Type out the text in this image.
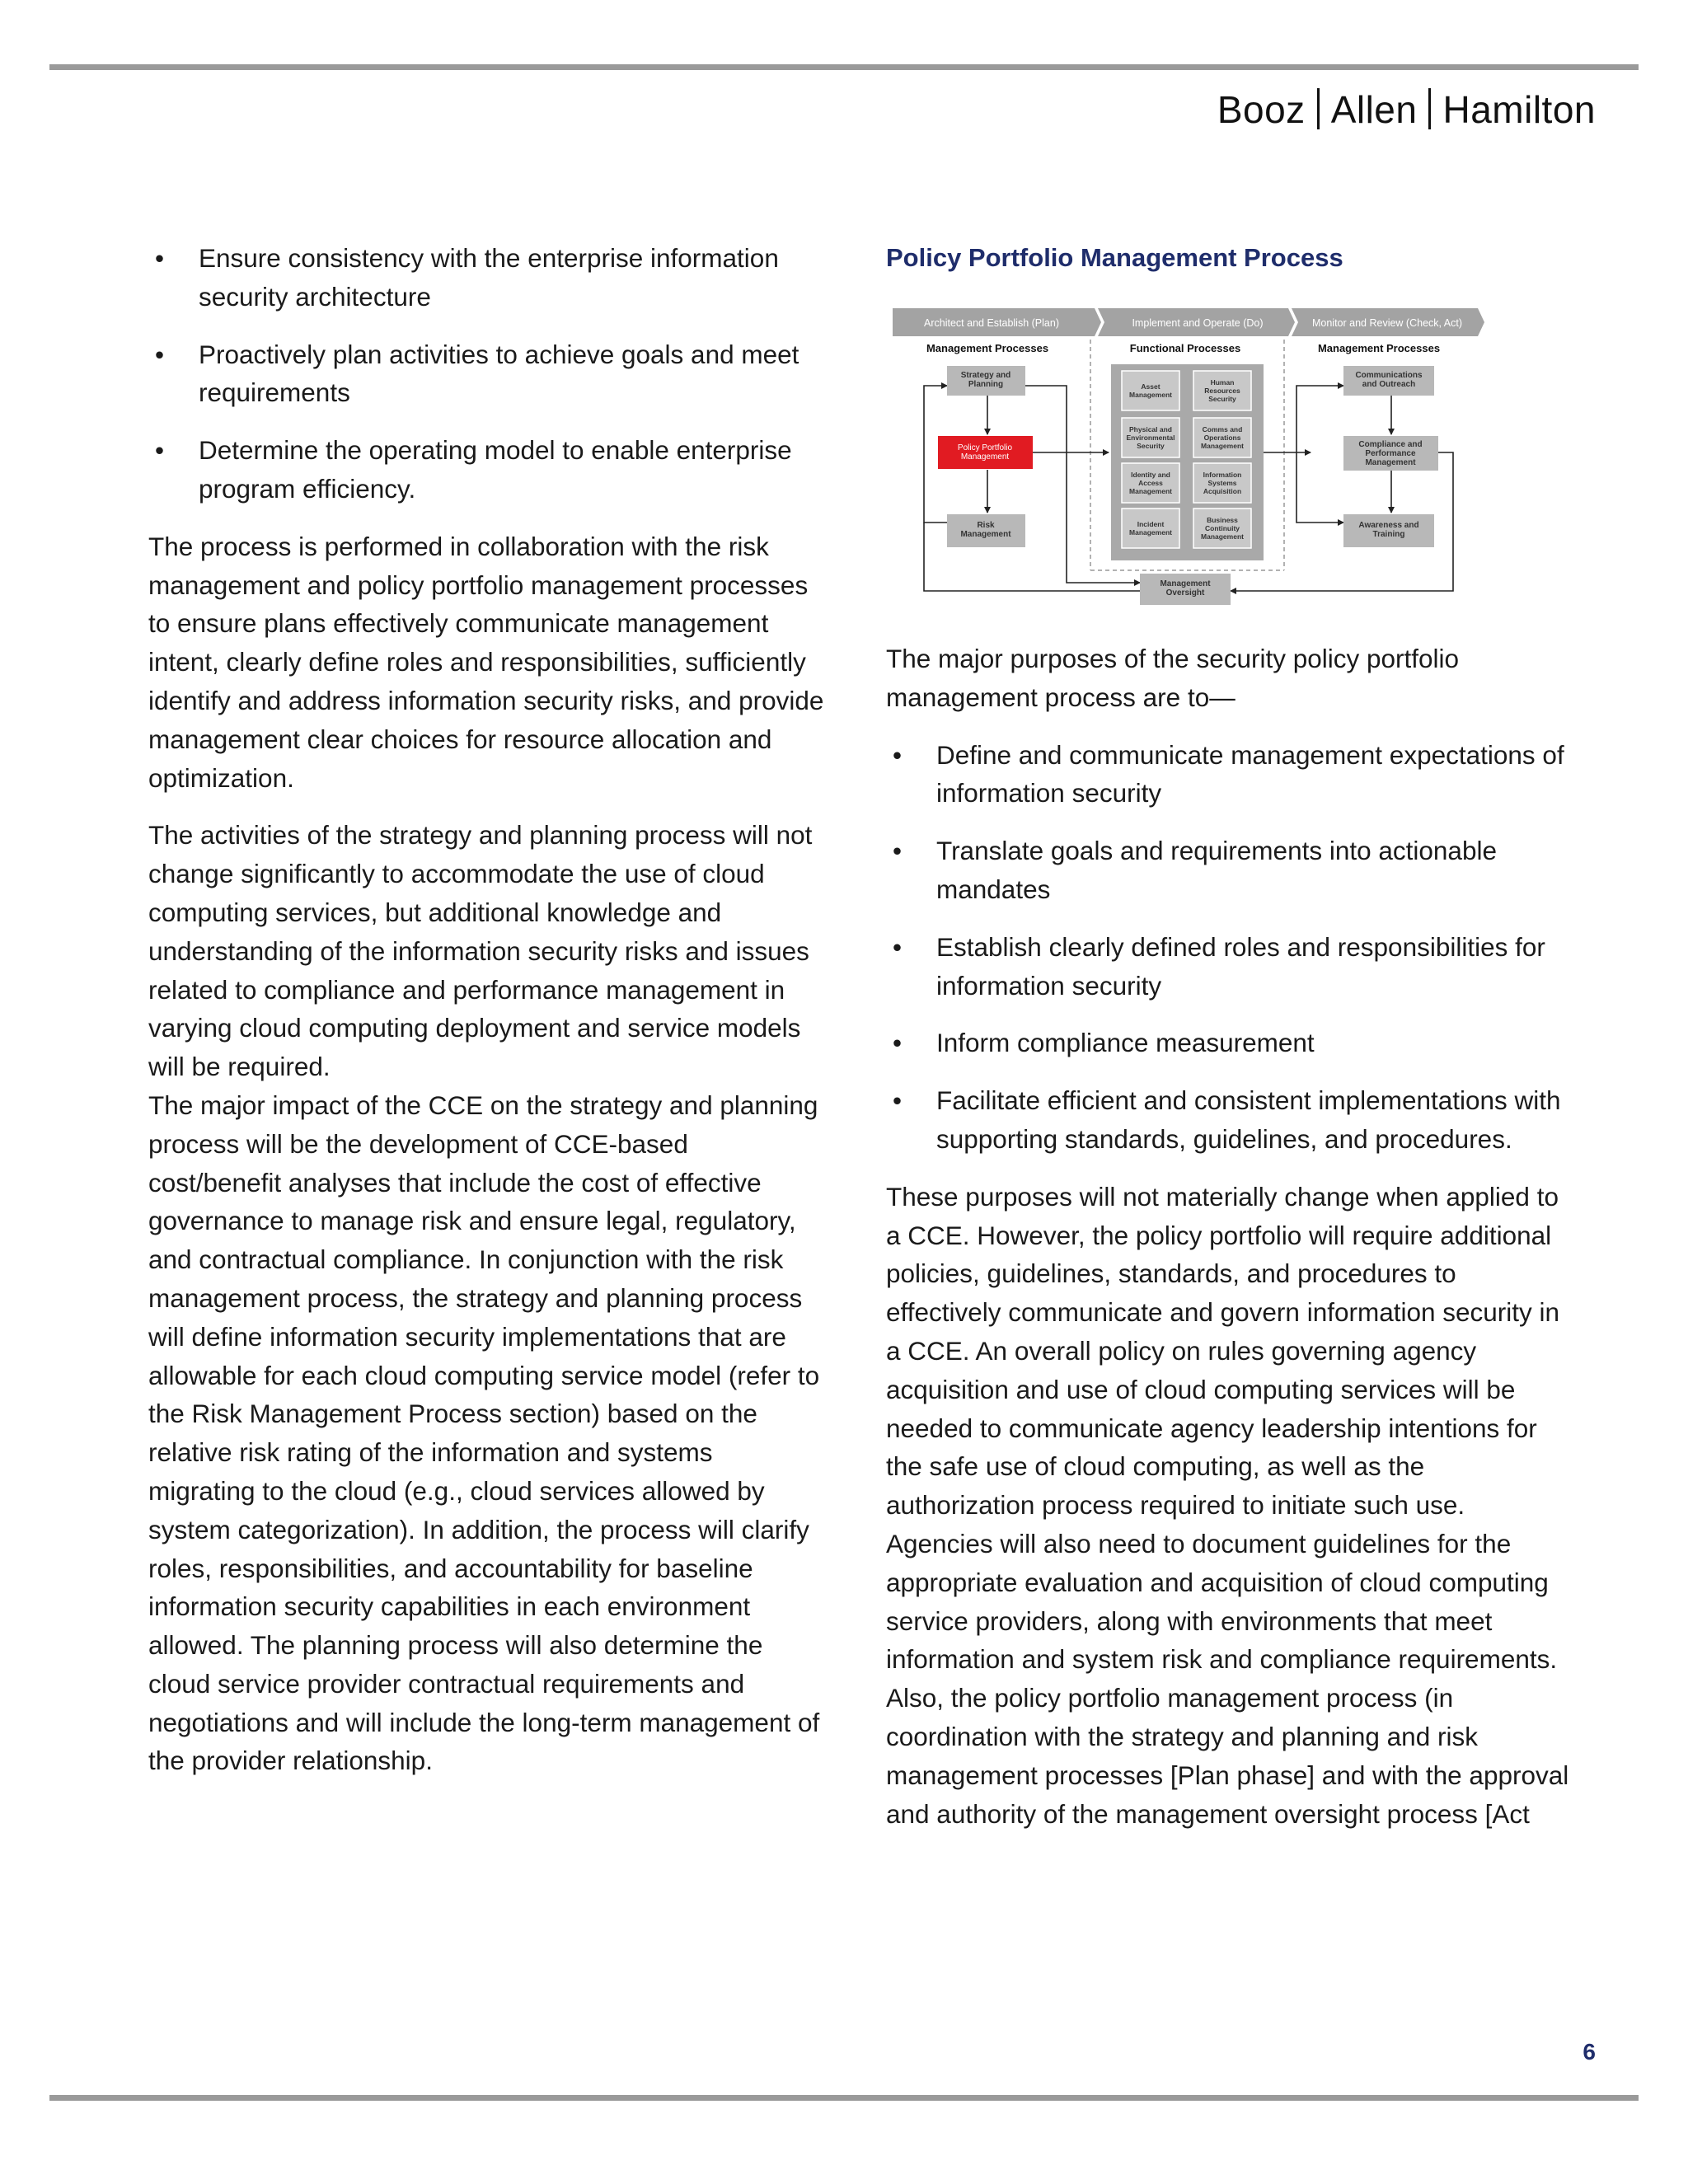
Booz Allen Hamilton
• Ensure consistency with the enterprise information security architecture
• Proactively plan activities to achieve goals and meet requirements
• Determine the operating model to enable enterprise program efficiency.

The process is performed in collaboration with the risk management and policy portfolio management processes to ensure plans effectively communicate management intent, clearly define roles and responsibilities, sufficiently identify and address information security risks, and provide management clear choices for resource allocation and optimization.

The activities of the strategy and planning process will not change significantly to accommodate the use of cloud computing services, but additional knowledge and understanding of the information security risks and issues related to compliance and performance management in varying cloud computing deployment and service models will be required.

The major impact of the CCE on the strategy and planning process will be the development of CCE-based cost/benefit analyses that include the cost of effective governance to manage risk and ensure legal, regulatory, and contractual compliance. In conjunction with the risk management process, the strategy and planning process will define information security implementations that are allowable for each cloud computing service model (refer to the Risk Management Process section) based on the relative risk rating of the information and systems migrating to the cloud (e.g., cloud services allowed by system categorization). In addition, the process will clarify roles, responsibilities, and accountability for baseline information security capabilities in each environment allowed. The planning process will also determine the cloud service provider contractual requirements and negotiations and will include the long-term management of the provider relationship.

Policy Portfolio Management Process
Architect and Establish (Plan)	Implement and Operate (Do)	Monitor and Review (Check, Act)
Management Processes	Functional Processes	Management Processes
Strategy and Planning
Policy Portfolio Management
Risk Management
Asset Management
Human Resources Security
Physical and Environmental Security
Comms and Operations Management
Identity and Access Management
Information Systems Acquisition
Incident Management
Business Continuity Management
Communications and Outreach
Compliance and Performance Management
Awareness and Training
Management Oversight

The major purposes of the security policy portfolio management process are to—

• Define and communicate management expectations of information security
• Translate goals and requirements into actionable mandates
• Establish clearly defined roles and responsibilities for information security
• Inform compliance measurement
• Facilitate efficient and consistent implementations with supporting standards, guidelines, and procedures.

These purposes will not materially change when applied to a CCE. However, the policy portfolio will require additional policies, guidelines, standards, and procedures to effectively communicate and govern information security in a CCE. An overall policy on rules governing agency acquisition and use of cloud computing services will be needed to communicate agency leadership intentions for the safe use of cloud computing, as well as the authorization process required to initiate such use. Agencies will also need to document guidelines for the appropriate evaluation and acquisition of cloud computing service providers, along with environments that meet information and system risk and compliance requirements. Also, the policy portfolio management process (in coordination with the strategy and planning and risk management processes [Plan phase] and with the approval and authority of the management oversight process [Act

6
